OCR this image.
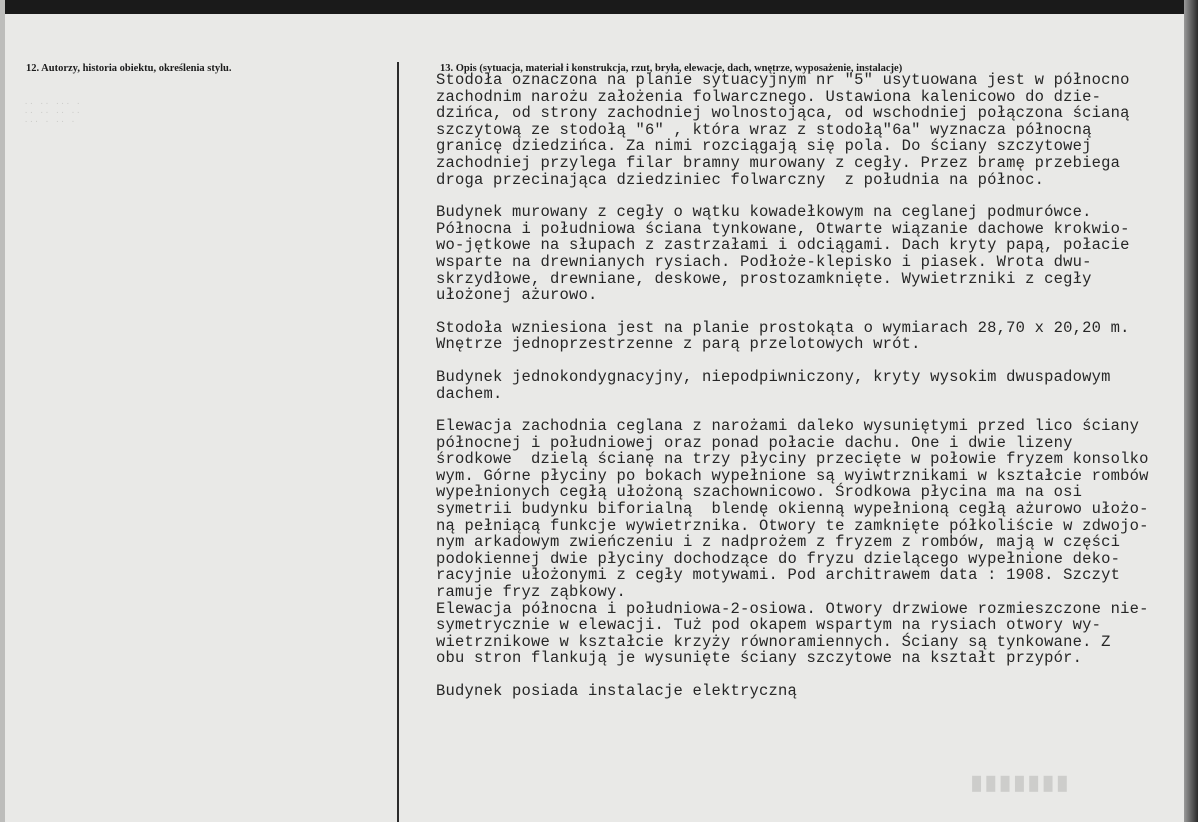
12. Autorzy, historia obiektu, określenia stylu.
·· ·· ··· ·
·· ·· ·· ··
··· · ·· ·
13. Opis (sytuacja, materiał i konstrukcja, rzut, bryła, elewacje, dach, wnętrze, wyposażenie, instalacje)
Stodoła oznaczona na planie sytuacyjnym nr "5" usytuowana jest w północno
zachodnim narożu założenia folwarcznego. Ustawiona kalenicowo do dzie-
dzińca, od strony zachodniej wolnostojąca, od wschodniej połączona ścianą
szczytową ze stodołą "6" , która wraz z stodołą"6a" wyznacza północną
granicę dziedzińca. Za nimi rozciągają się pola. Do ściany szczytowej
zachodniej przylega filar bramny murowany z cegły. Przez bramę przebiega
droga przecinająca dziedziniec folwarczny  z południa na północ.
Budynek murowany z cegły o wątku kowadełkowym na ceglanej podmurówce.
Północna i południowa ściana tynkowane, Otwarte wiązanie dachowe krokwio-
wo-jętkowe na słupach z zastrzałami i odciągami. Dach kryty papą, połacie
wsparte na drewnianych rysiach. Podłoże-klepisko i piasek. Wrota dwu-
skrzydłowe, drewniane, deskowe, prostozamknięte. Wywietrzniki z cegły
ułożonej ażurowo.
Stodoła wzniesiona jest na planie prostokąta o wymiarach 28,70 x 20,20 m.
Wnętrze jednoprzestrzenne z parą przelotowych wrót.
Budynek jednokondygnacyjny, niepodpiwniczony, kryty wysokim dwuspadowym
dachem.
Elewacja zachodnia ceglana z narożami daleko wysuniętymi przed lico ściany
północnej i południowej oraz ponad połacie dachu. One i dwie lizeny
środkowe  dzielą ścianę na trzy płyciny przecięte w połowie fryzem konsolko
wym. Górne płyciny po bokach wypełnione są wyiwtrznikami w kształcie rombów
wypełnionych cegłą ułożoną szachownicowo. Środkowa płycina ma na osi
symetrii budynku biforialną  blendę okienną wypełnioną cegłą ażurowo ułożo-
ną pełniącą funkcje wywietrznika. Otwory te zamknięte półkoliście w zdwojo-
nym arkadowym zwieńczeniu i z nadprożem z fryzem z rombów, mają w części
podokiennej dwie płyciny dochodzące do fryzu dzielącego wypełnione deko-
racyjnie ułożonymi z cegły motywami. Pod architrawem data : 1908. Szczyt
ramuje fryz ząbkowy.
Elewacja północna i południowa-2-osiowa. Otwory drzwiowe rozmieszczone nie-
symetrycznie w elewacji. Tuż pod okapem wspartym na rysiach otwory wy-
wietrznikowe w kształcie krzyży równoramiennych. Ściany są tynkowane. Z
obu stron flankują je wysunięte ściany szczytowe na kształt przypór.
Budynek posiada instalacje elektryczną
▮▮▮▮▮▮▮
